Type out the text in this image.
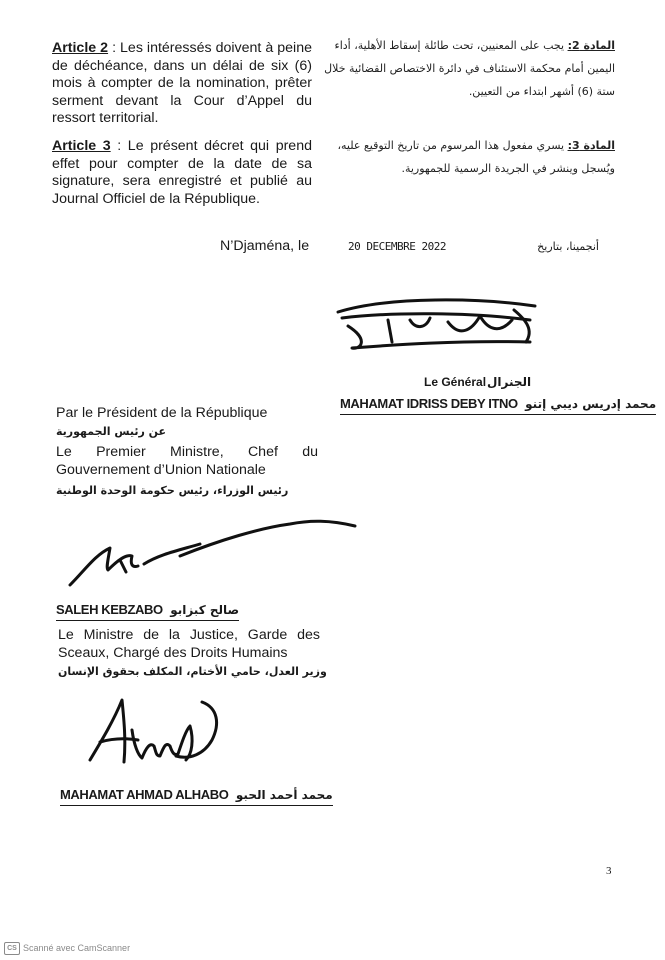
Article 2 : Les intéressés doivent à peine de déchéance, dans un délai de six (6) mois à compter de la nomination, prêter serment devant la Cour d’Appel du ressort territorial.
Article 3 : Le présent décret qui prend effet pour compter de la date de sa signature, sera enregistré et publié au Journal Officiel de la République.
المادة 2: يجب على المعنيين، تحت طائلة إسقاط الأهلية، أداء اليمين أمام محكمة الاستئناف في دائرة الاختصاص القضائية خلال ستة (6) أشهر ابتداء من التعيين.
المادة 3: يسري مفعول هذا المرسوم من تاريخ التوقيع عليه، ويُسجل وينشر في الجريدة الرسمية للجمهورية.
N’Djaména, le	20 DECEMBRE 2022	أنجمينا، بتاريخ
Le Général الجنرال
MAHAMAT IDRISS DEBY ITNO محمد إدريس ديبي إتنو
Par le Président de la République
عن رئيس الجمهورية
Le Premier Ministre, Chef du Gouvernement d’Union Nationale
رئيس الوزراء، رئيس حكومة الوحدة الوطنية
SALEH KEBZABO صالح كبزابو
Le Ministre de la Justice, Garde des Sceaux, Chargé des Droits Humains
وزير العدل، حامي الأختام، المكلف بحقوق الإنسان
MAHAMAT AHMAD ALHABO محمد أحمد الحبو
3
CS Scanné avec CamScanner
